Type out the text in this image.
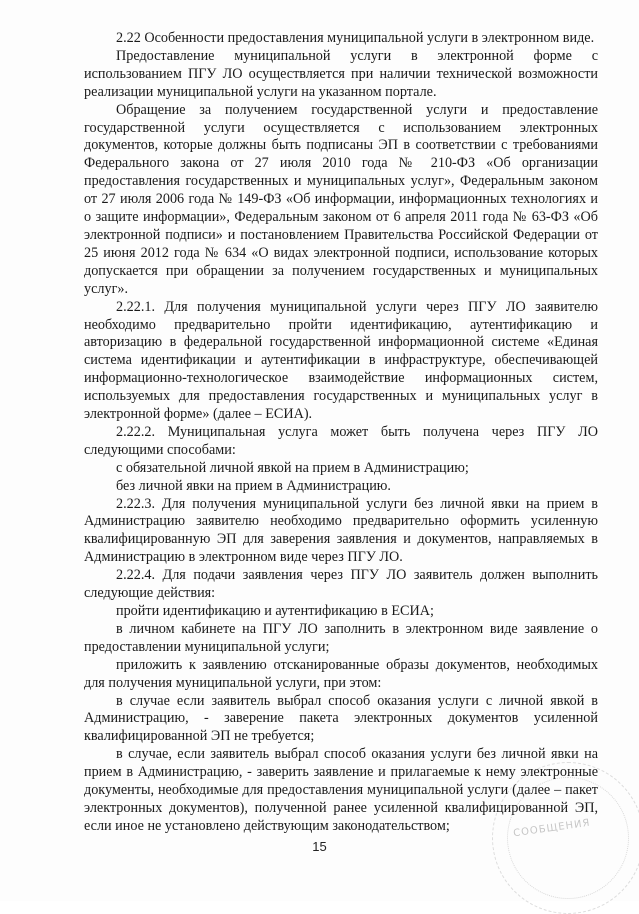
2.22 Особенности предоставления муниципальной услуги в электронном виде.

Предоставление муниципальной услуги в электронной форме с использованием ПГУ ЛО осуществляется при наличии технической возможности реализации муниципальной услуги на указанном портале.

Обращение за получением государственной услуги и предоставление государственной услуги осуществляется с использованием электронных документов, которые должны быть подписаны ЭП в соответствии с требованиями Федерального закона от 27 июля 2010 года № 210-ФЗ «Об организации предоставления государственных и муниципальных услуг», Федеральным законом от 27 июля 2006 года № 149-ФЗ «Об информации, информационных технологиях и о защите информации», Федеральным законом от 6 апреля 2011 года № 63-ФЗ «Об электронной подписи» и постановлением Правительства Российской Федерации от 25 июня 2012 года № 634 «О видах электронной подписи, использование которых допускается при обращении за получением государственных и муниципальных услуг».

2.22.1. Для получения муниципальной услуги через ПГУ ЛО заявителю необходимо предварительно пройти идентификацию, аутентификацию и авторизацию в федеральной государственной информационной системе «Единая система идентификации и аутентификации в инфраструктуре, обеспечивающей информационно-технологическое взаимодействие информационных систем, используемых для предоставления государственных и муниципальных услуг в электронной форме» (далее – ЕСИА).

2.22.2. Муниципальная услуга может быть получена через ПГУ ЛО следующими способами:

с обязательной личной явкой на прием в Администрацию;

без личной явки на прием в Администрацию.

2.22.3. Для получения муниципальной услуги без личной явки на прием в Администрацию заявителю необходимо предварительно оформить усиленную квалифицированную ЭП для заверения заявления и документов, направляемых в Администрацию в электронном виде через ПГУ ЛО.

2.22.4. Для подачи заявления через ПГУ ЛО заявитель должен выполнить следующие действия:

пройти идентификацию и аутентификацию в ЕСИА;

в личном кабинете на ПГУ ЛО заполнить в электронном виде заявление о предоставлении муниципальной услуги;

приложить к заявлению отсканированные образы документов, необходимых для получения муниципальной услуги, при этом:

в случае если заявитель выбрал способ оказания услуги с личной явкой в Администрацию, - заверение пакета электронных документов усиленной квалифицированной ЭП не требуется;

в случае, если заявитель выбрал способ оказания услуги без личной явки на прием в Администрацию, - заверить заявление и прилагаемые к нему электронные документы, необходимые для предоставления муниципальной услуги (далее – пакет электронных документов), полученной ранее усиленной квалифицированной ЭП, если иное не установлено действующим законодательством;	СООБЩЕНИЯ
15
